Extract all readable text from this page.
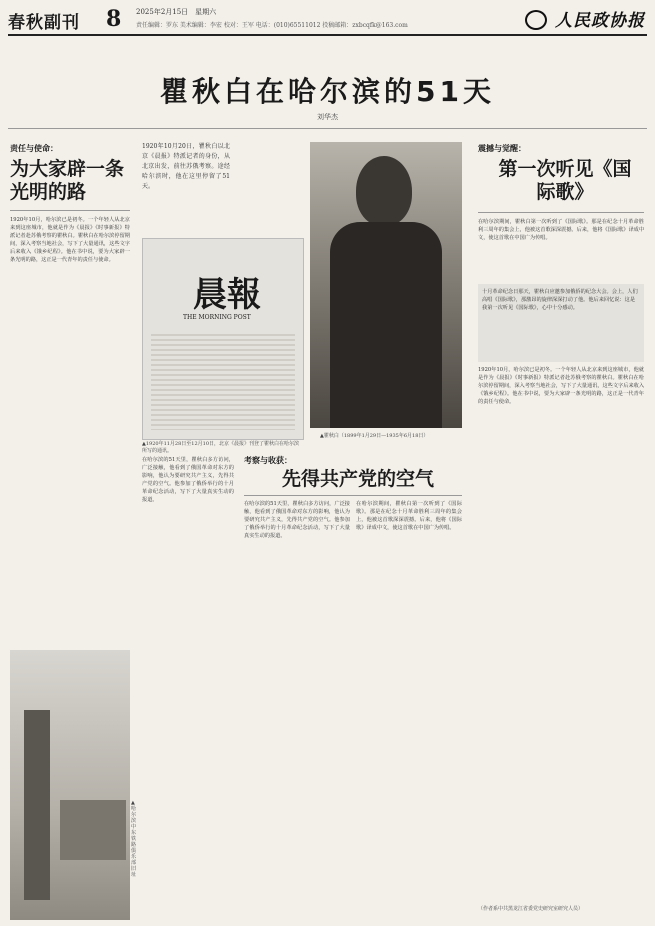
春秋副刊 8 2025年2月15日　星期六
责任编辑：罗东 美术编辑：李宏 校对：王军 电话：(010)65511012 投稿邮箱：zxbcqfk@163.com	人民政协报
瞿秋白在哈尔滨的51天
刘华杰
责任与使命：
为大家辟一条光明的路
1920年10月，哈尔滨已是初冬。一个年轻人从北京来到这座城市，他就是作为《晨报》《时事新报》特派记者赴苏俄考察的瞿秋白。瞿秋白在哈尔滨停留期间，深入考察当地社会，写下了大量通讯，这些文字后来收入《饿乡纪程》。他在书中说，要为大家辟一条光明的路，这正是一代青年的责任与使命。
1920年10月20日，瞿秋白以北京《晨报》特派记者的身份，从北京出发，前往苏俄考察。途经哈尔滨时，他在这里停留了51天。
晨報
THE MORNING POST
▲1920年11月28日至12月10日，北京《晨报》刊登了瞿秋白在哈尔滨所写的通讯。
▲瞿秋白（1899年1月29日—1935年6月18日）
在哈尔滨的51天里，瞿秋白多方访问，广泛接触，他看到了俄国革命对东方的影响，他认为要研究共产主义，先得共产党的空气。他参加了俄侨举行的十月革命纪念活动，写下了大量真实生动的报道。
考察与收获：
先得共产党的空气
在哈尔滨的51天里，瞿秋白多方访问，广泛接触，他看到了俄国革命对东方的影响，他认为要研究共产主义，先得共产党的空气。他参加了俄侨举行的十月革命纪念活动，写下了大量真实生动的报道。
在哈尔滨期间，瞿秋白第一次听到了《国际歌》。那是在纪念十月革命胜利三周年的集会上，他被这首歌深深震撼。后来，他将《国际歌》译成中文，使这首歌在中国广为传唱。
震撼与觉醒：
第一次听见《国际歌》
在哈尔滨期间，瞿秋白第一次听到了《国际歌》。那是在纪念十月革命胜利三周年的集会上，他被这首歌深深震撼。后来，他将《国际歌》译成中文，使这首歌在中国广为传唱。
十月革命纪念日那天，瞿秋白应邀参加俄侨的纪念大会。会上，人们高唱《国际歌》，那激昂的旋律深深打动了他。他后来回忆说：这是我第一次听见《国际歌》，心中十分感动。
1920年10月，哈尔滨已是初冬。一个年轻人从北京来到这座城市，他就是作为《晨报》《时事新报》特派记者赴苏俄考察的瞿秋白。瞿秋白在哈尔滨停留期间，深入考察当地社会，写下了大量通讯，这些文字后来收入《饿乡纪程》。他在书中说，要为大家辟一条光明的路，这正是一代青年的责任与使命。
（作者系中共黑龙江省委党史研究室研究人员）
▲哈尔滨中东铁路俱乐部旧址
